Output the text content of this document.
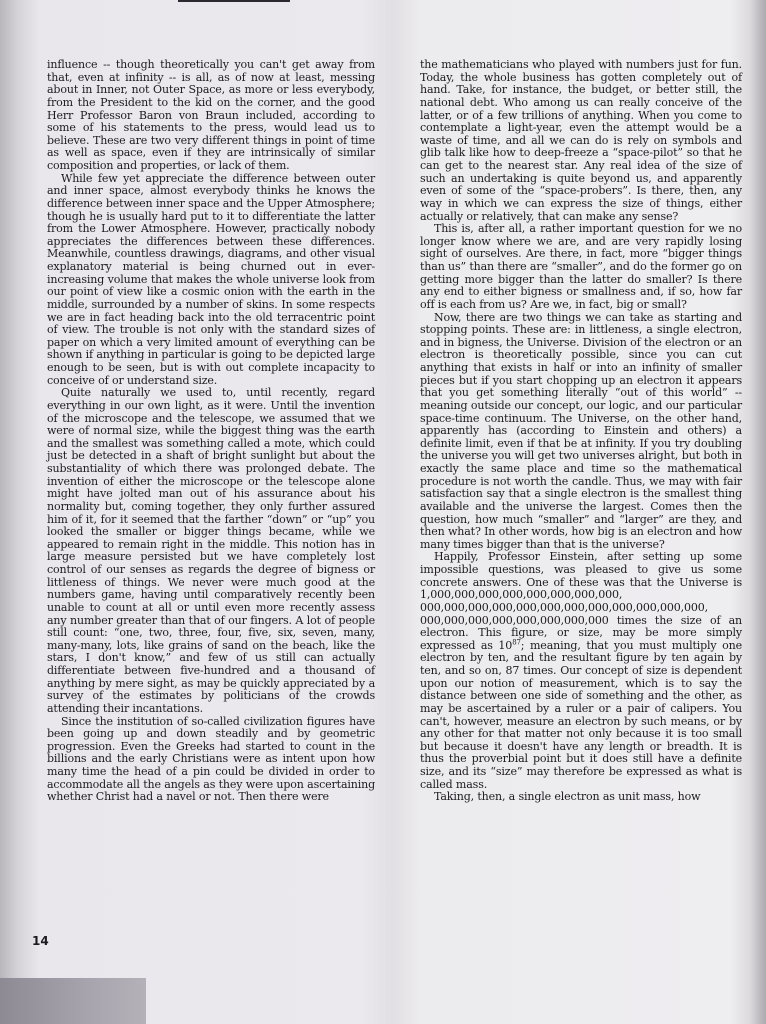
influence -- though theoretically you can't get away from that, even at infinity -- is all, as of now at least, messing about in Inner, not Outer Space, as more or less everybody, from the President to the kid on the corner, and the good Herr Professor Baron von Braun included, according to some of his statements to the press, would lead us to believe. These are two very different things in point of time as well as space, even if they are intrinsically of similar composition and properties, or lack of them.

While few yet appreciate the difference between outer and inner space, almost everybody thinks he knows the difference between inner space and the Upper Atmosphere; though he is usually hard put to it to differentiate the latter from the Lower Atmosphere. However, practically nobody appreciates the differences between these differences. Meanwhile, countless drawings, diagrams, and other visual explanatory material is being churned out in ever-increasing volume that makes the whole universe look from our point of view like a cosmic onion with the earth in the middle, surrounded by a number of skins. In some respects we are in fact heading back into the old terracentric point of view. The trouble is not only with the standard sizes of paper on which a very limited amount of everything can be shown if anything in particular is going to be depicted large enough to be seen, but is with out complete incapacity to conceive of or understand size.

Quite naturally we used to, until recently, regard everything in our own light, as it were. Until the invention of the microscope and the telescope, we assumed that we were of normal size, while the biggest thing was the earth and the smallest was something called a mote, which could just be detected in a shaft of bright sunlight but about the substantiality of which there was prolonged debate. The invention of either the microscope or the telescope alone might have jolted man out of his assurance about his normality but, coming together, they only further assured him of it, for it seemed that the farther “down” or “up” you looked the smaller or bigger things became, while we appeared to remain right in the middle. This notion has in large measure persisted but we have completely lost control of our senses as regards the degree of bigness or littleness of things. We never were much good at the numbers game, having until comparatively recently been unable to count at all or until even more recently assess any number greater than that of our fingers. A lot of people still count: “one, two, three, four, five, six, seven, many, many-many, lots, like grains of sand on the beach, like the stars, I don't know,” and few of us still can actually differentiate between five-hundred and a thousand of anything by mere sight, as may be quickly appreciated by a survey of the estimates by politicians of the crowds attending their incantations.

Since the institution of so-called civilization figures have been going up and down steadily and by geometric progression. Even the Greeks had started to count in the billions and the early Christians were as intent upon how many time the head of a pin could be divided in order to accommodate all the angels as they were upon ascertaining whether Christ had a navel or not. Then there were

the mathematicians who played with numbers just for fun. Today, the whole business has gotten completely out of hand. Take, for instance, the budget, or better still, the national debt. Who among us can really conceive of the latter, or of a few trillions of anything. When you come to contemplate a light-year, even the attempt would be a waste of time, and all we can do is rely on symbols and glib talk like how to deep-freeze a “space-pilot” so that he can get to the nearest star. Any real idea of the size of such an undertaking is quite beyond us, and apparently even of some of the “space-probers”. Is there, then, any way in which we can express the size of things, either actually or relatively, that can make any sense?

This is, after all, a rather important question for we no longer know where we are, and are very rapidly losing sight of ourselves. Are there, in fact, more “bigger things than us” than there are “smaller”, and do the former go on getting more bigger than the latter do smaller? Is there any end to either bigness or smallness and, if so, how far off is each from us? Are we, in fact, big or small?

Now, there are two things we can take as starting and stopping points. These are: in littleness, a single electron, and in bigness, the Universe. Division of the electron or an electron is theoretically possible, since you can cut anything that exists in half or into an infinity of smaller pieces but if you start chopping up an electron it appears that you get something literally “out of this world” -- meaning outside our concept, our logic, and our particular space-time continuum. The Universe, on the other hand, apparently has (according to Einstein and others) a definite limit, even if that be at infinity. If you try doubling the universe you will get two universes alright, but both in exactly the same place and time so the mathematical procedure is not worth the candle. Thus, we may with fair satisfaction say that a single electron is the smallest thing available and the universe the largest. Comes then the question, how much “smaller” and “larger” are they, and then what? In other words, how big is an electron and how many times bigger than that is the universe?

Happily, Professor Einstein, after setting up some impossible questions, was pleased to give us some concrete answers. One of these was that the Universe is 1,000,000,000,000,000,000,000,000, 000,000,000,000,000,000,000,000,000,000,000,000, 000,000,000,000,000,000,000,000 times the size of an electron. This figure, or size, may be more simply expressed as $10^{87}$; meaning, that you must multiply one electron by ten, and the resultant figure by ten again by ten, and so on, 87 times. Our concept of size is dependent upon our notion of measurement, which is to say the distance between one side of something and the other, as may be ascertained by a ruler or a pair of calipers. You can't, however, measure an electron by such means, or by any other for that matter not only because it is too small but because it doesn't have any length or breadth. It is thus the proverbial point but it does still have a definite size, and its “size” may therefore be expressed as what is called mass.

Taking, then, a single electron as unit mass, how

14
